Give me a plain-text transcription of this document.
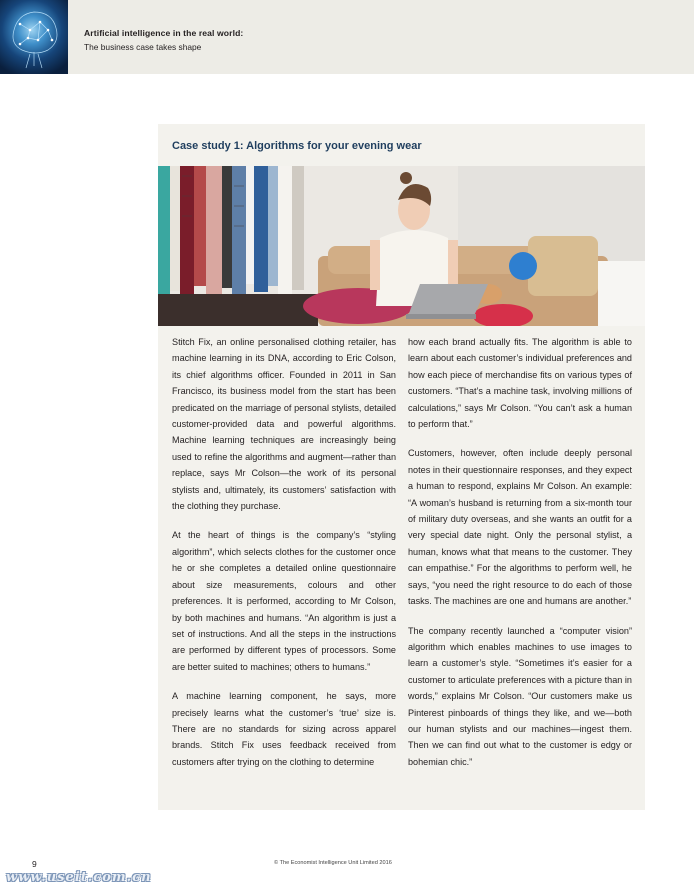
Artificial intelligence in the real world:
The business case takes shape
Case study 1: Algorithms for your evening wear

Stitch Fix, an online personalised clothing retailer, has machine learning in its DNA, according to Eric Colson, its chief algorithms officer. Founded in 2011 in San Francisco, its business model from the start has been predicated on the marriage of personal stylists, detailed customer-provided data and powerful algorithms. Machine learning techniques are increasingly being used to refine the algorithms and augment—rather than replace, says Mr Colson—the work of its personal stylists and, ultimately, its customers’ satisfaction with the clothing they purchase.

At the heart of things is the company’s “styling algorithm”, which selects clothes for the customer once he or she completes a detailed online questionnaire about size measurements, colours and other preferences. It is performed, according to Mr Colson, by both machines and humans. “An algorithm is just a set of instructions. And all the steps in the instructions are performed by different types of processors. Some are better suited to machines; others to humans.”

A machine learning component, he says, more precisely learns what the customer’s ‘true’ size is. There are no standards for sizing across apparel brands. Stitch Fix uses feedback received from customers after trying on the clothing to determine

how each brand actually fits. The algorithm is able to learn about each customer’s individual preferences and how each piece of merchandise fits on various types of customers. “That’s a machine task, involving millions of calculations,” says Mr Colson. “You can’t ask a human to perform that.”

Customers, however, often include deeply personal notes in their questionnaire responses, and they expect a human to respond, explains Mr Colson. An example: “A woman’s husband is returning from a six-month tour of military duty overseas, and she wants an outfit for a very special date night. Only the personal stylist, a human, knows what that means to the customer. They can empathise.” For the algorithms to perform well, he says, “you need the right resource to do each of those tasks. The machines are one and humans are another.”

The company recently launched a “computer vision” algorithm which enables machines to use images to learn a customer’s style. “Sometimes it’s easier for a customer to articulate preferences with a picture than in words,” explains Mr Colson. “Our customers make us Pinterest pinboards of things they like, and we—both our human stylists and our machines—ingest them. Then we can find out what to the customer is edgy or bohemian chic.”

9	© The Economist Intelligence Unit Limited 2016
www.useit.com.cn
